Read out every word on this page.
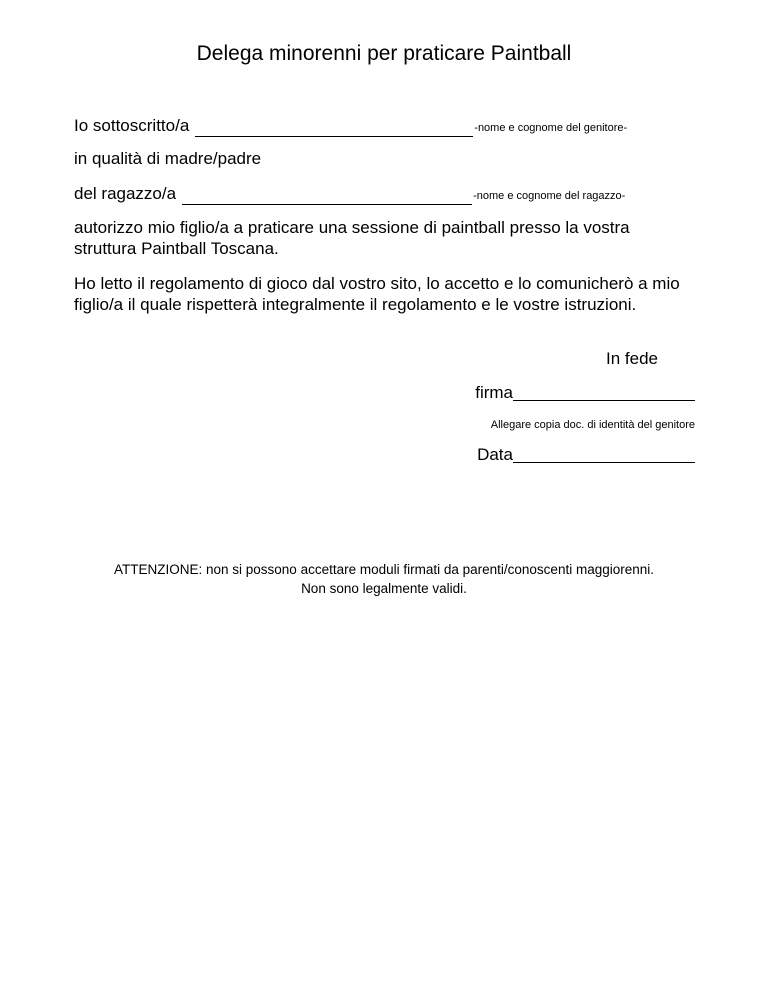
Delega minorenni per praticare Paintball
Io sottoscritto/a	-nome e cognome del genitore-
in qualità di madre/padre
del ragazzo/a	-nome e cognome del ragazzo-
autorizzo mio figlio/a a praticare una sessione di paintball presso la vostra struttura Paintball Toscana.
Ho letto il regolamento di gioco dal vostro sito, lo accetto e lo comunicherò a mio figlio/a il quale rispetterà integralmente il regolamento e le vostre istruzioni.
In fede
firma
Allegare copia doc. di identità del genitore
Data
ATTENZIONE: non si possono accettare moduli firmati da parenti/conoscenti maggiorenni.
Non sono legalmente validi.
